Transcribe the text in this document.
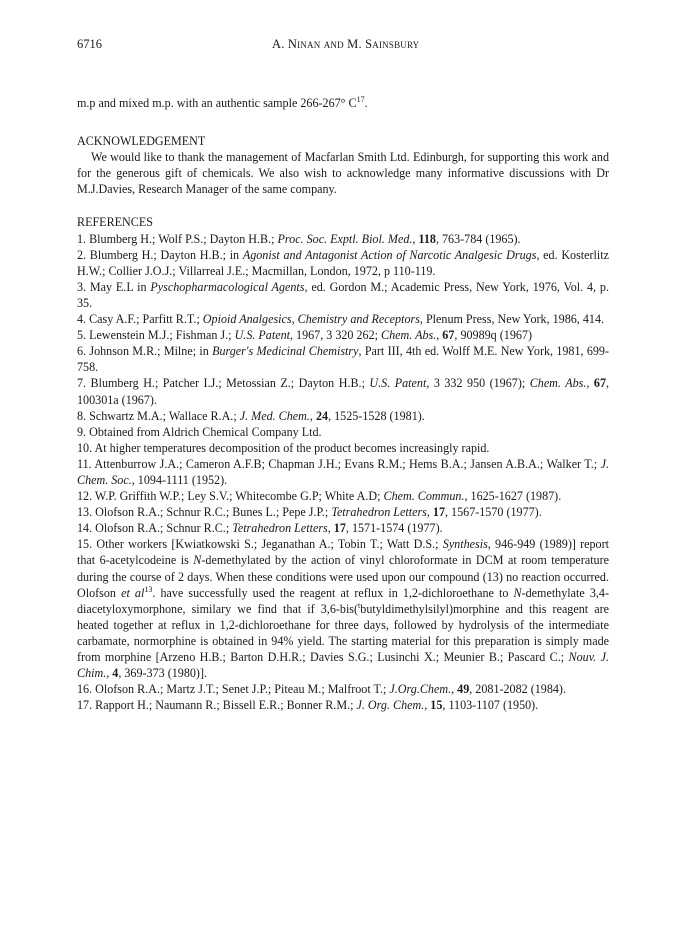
6716	A. Ninan and M. Sainsbury

m.p and mixed m.p. with an authentic sample 266-267° $C^{17}$.

ACKNOWLEDGEMENT

We would like to thank the management of Macfarlan Smith Ltd. Edinburgh, for supporting this work and for the generous gift of chemicals. We also wish to acknowledge many informative discussions with Dr M.J.Davies, Research Manager of the same company.

REFERENCES

1. Blumberg H.; Wolf P.S.; Dayton H.B.; Proc. Soc. Exptl. Biol. Med., 118, 763-784 (1965).

2. Blumberg H.; Dayton H.B.; in Agonist and Antagonist Action of Narcotic Analgesic Drugs, ed. Kosterlitz H.W.; Collier J.O.J.; Villarreal J.E.; Macmillan, London, 1972, p 110-119.

3. May E.L in Pyschopharmacological Agents, ed. Gordon M.; Academic Press, New York, 1976, Vol. 4, p. 35.

4. Casy A.F.; Parfitt R.T.; Opioid Analgesics, Chemistry and Receptors, Plenum Press, New York, 1986, 414.

5. Lewenstein M.J.; Fishman J.; U.S. Patent, 1967, 3 320 262; Chem. Abs., 67, 90989q (1967)

6. Johnson M.R.; Milne; in Burger's Medicinal Chemistry, Part III, 4th ed. Wolff M.E. New York, 1981, 699-758.

7. Blumberg H.; Patcher I.J.; Metossian Z.; Dayton H.B.; U.S. Patent, 3 332 950 (1967); Chem. Abs., 67, 100301a (1967).

8. Schwartz M.A.; Wallace R.A.; J. Med. Chem., 24, 1525-1528 (1981).

9. Obtained from Aldrich Chemical Company Ltd.

10. At higher temperatures decomposition of the product becomes increasingly rapid.

11. Attenburrow J.A.; Cameron A.F.B; Chapman J.H.; Evans R.M.; Hems B.A.; Jansen A.B.A.; Walker T.; J. Chem. Soc., 1094-1111 (1952).

12. W.P. Griffith W.P.; Ley S.V.; Whitecombe G.P; White A.D; Chem. Commun., 1625-1627 (1987).

13. Olofson R.A.; Schnur R.C.; Bunes L.; Pepe J.P.; Tetrahedron Letters, 17, 1567-1570 (1977).

14. Olofson R.A.; Schnur R.C.; Tetrahedron Letters, 17, 1571-1574 (1977).

15. Other workers [Kwiatkowski S.; Jeganathan A.; Tobin T.; Watt D.S.; Synthesis, 946-949 (1989)] report that 6-acetylcodeine is N-demethylated by the action of vinyl chloroformate in DCM at room temperature during the course of 2 days. When these conditions were used upon our compound (13) no reaction occurred. Olofson et $al^{13}$. have successfully used the reagent at reflux in 1,2-dichloroethane to N-demethylate 3,4-diacetyloxymorphone, similary we find that if 3,6-bis($^t$butyldimethylsilyl)morphine and this reagent are heated together at reflux in 1,2-dichloroethane for three days, followed by hydrolysis of the intermediate carbamate, normorphine is obtained in 94% yield. The starting material for this preparation is simply made from morphine [Arzeno H.B.; Barton D.H.R.; Davies S.G.; Lusinchi X.; Meunier B.; Pascard C.; Nouv. J. Chim., 4, 369-373 (1980)].

16. Olofson R.A.; Martz J.T.; Senet J.P.; Piteau M.; Malfroot T.; J.Org.Chem., 49, 2081-2082 (1984).

17. Rapport H.; Naumann R.; Bissell E.R.; Bonner R.M.; J. Org. Chem., 15, 1103-1107 (1950).
